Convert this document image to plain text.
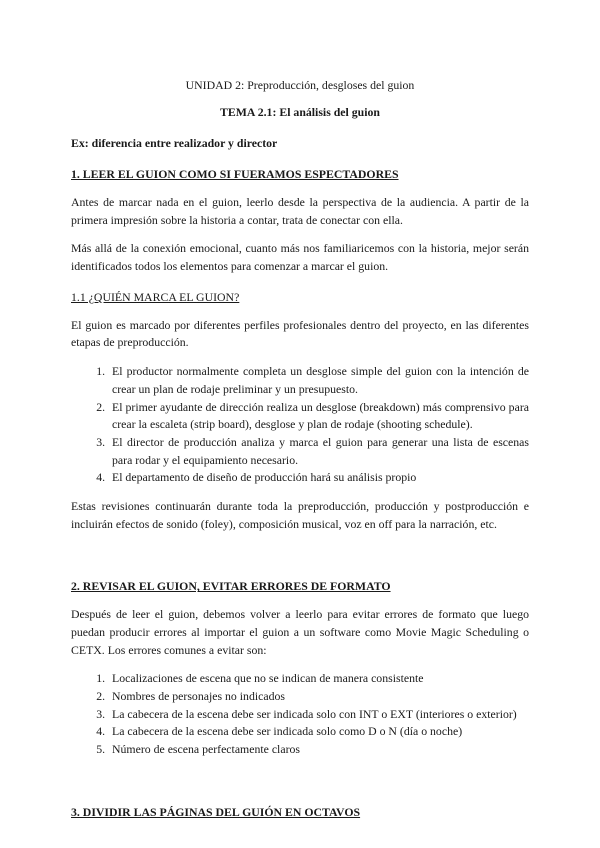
UNIDAD 2: Preproducción, desgloses del guion

TEMA 2.1: El análisis del guion

Ex: diferencia entre realizador y director

1. LEER EL GUION COMO SI FUERAMOS ESPECTADORES

Antes de marcar nada en el guion, leerlo desde la perspectiva de la audiencia. A partir de la primera impresión sobre la historia a contar, trata de conectar con ella.

Más allá de la conexión emocional, cuanto más nos familiaricemos con la historia, mejor serán identificados todos los elementos para comenzar a marcar el guion.

1.1 ¿QUIÉN MARCA EL GUION?

El guion es marcado por diferentes perfiles profesionales dentro del proyecto, en las diferentes etapas de preproducción.

1. El productor normalmente completa un desglose simple del guion con la intención de crear un plan de rodaje preliminar y un presupuesto.
2. El primer ayudante de dirección realiza un desglose (breakdown) más comprensivo para crear la escaleta (strip board), desglose y plan de rodaje (shooting schedule).
3. El director de producción analiza y marca el guion para generar una lista de escenas para rodar y el equipamiento necesario.
4. El departamento de diseño de producción hará su análisis propio

Estas revisiones continuarán durante toda la preproducción, producción y postproducción e incluirán efectos de sonido (foley), composición musical, voz en off para la narración, etc.

2. REVISAR EL GUION, EVITAR ERRORES DE FORMATO

Después de leer el guion, debemos volver a leerlo para evitar errores de formato que luego puedan producir errores al importar el guion a un software como Movie Magic Scheduling o CETX. Los errores comunes a evitar son:

1. Localizaciones de escena que no se indican de manera consistente
2. Nombres de personajes no indicados
3. La cabecera de la escena debe ser indicada solo con INT o EXT (interiores o exterior)
4. La cabecera de la escena debe ser indicada solo como D o N (día o noche)
5. Número de escena perfectamente claros

3. DIVIDIR LAS PÁGINAS DEL GUIÓN EN OCTAVOS
